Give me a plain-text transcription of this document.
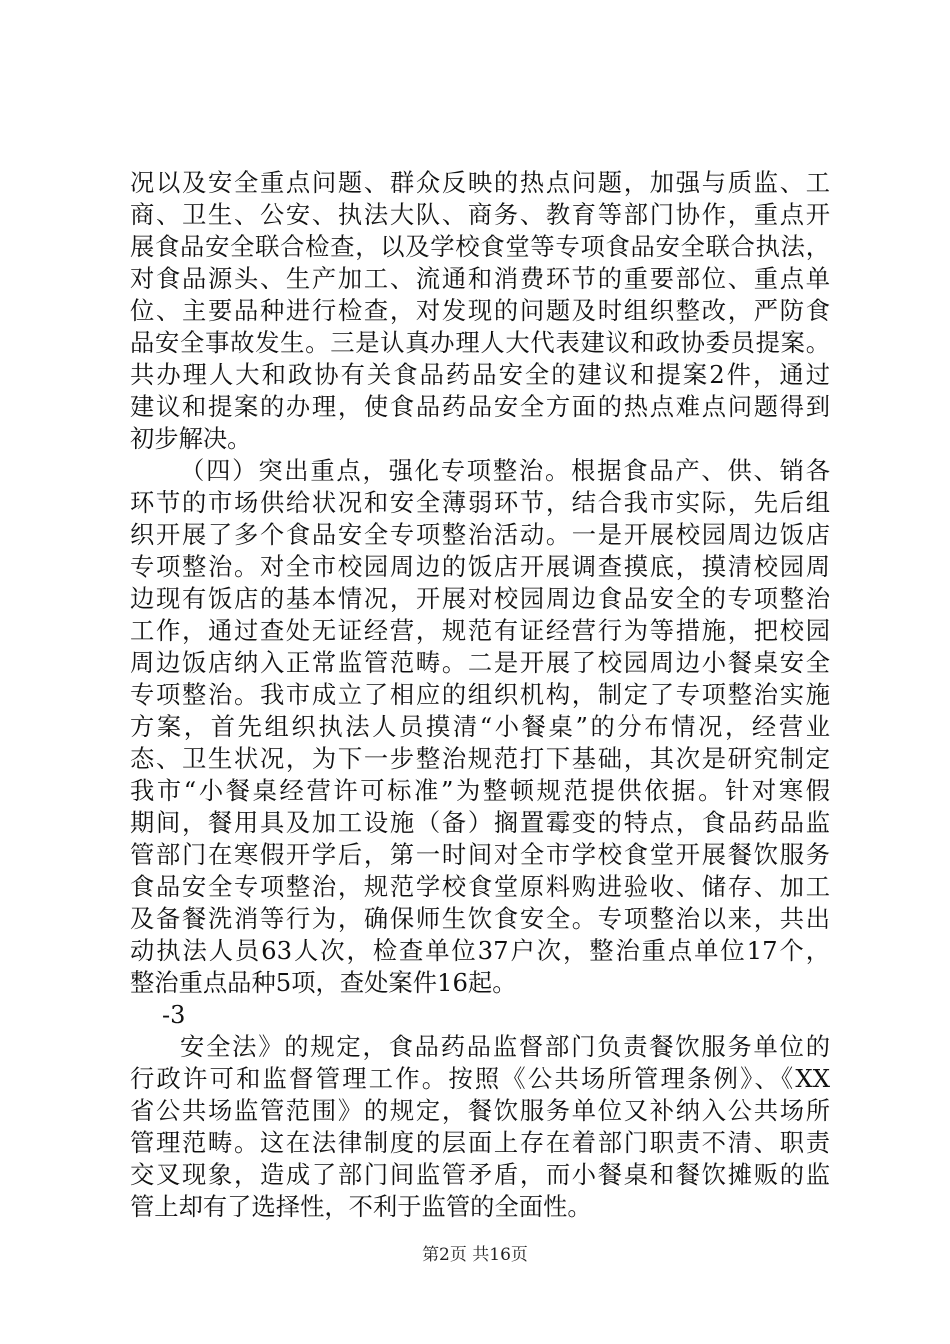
况以及安全重点问题、群众反映的热点问题，加强与质监、工
商、卫生、公安、执法大队、商务、教育等部门协作，重点开
展食品安全联合检查，以及学校食堂等专项食品安全联合执法，
对食品源头、生产加工、流通和消费环节的重要部位、重点单
位、主要品种进行检查，对发现的问题及时组织整改，严防食
品安全事故发生。三是认真办理人大代表建议和政协委员提案。
共办理人大和政协有关食品药品安全的建议和提案2件，通过
建议和提案的办理，使食品药品安全方面的热点难点问题得到
初步解决。
（四）突出重点，强化专项整治。根据食品产、供、销各
环节的市场供给状况和安全薄弱环节，结合我市实际，先后组
织开展了多个食品安全专项整治活动。一是开展校园周边饭店
专项整治。对全市校园周边的饭店开展调查摸底，摸清校园周
边现有饭店的基本情况，开展对校园周边食品安全的专项整治
工作，通过查处无证经营，规范有证经营行为等措施，把校园
周边饭店纳入正常监管范畴。二是开展了校园周边小餐桌安全
专项整治。我市成立了相应的组织机构，制定了专项整治实施
方案，首先组织执法人员摸清“小餐桌”的分布情况，经营业
态、卫生状况，为下一步整治规范打下基础，其次是研究制定
我市“小餐桌经营许可标准”为整顿规范提供依据。针对寒假
期间，餐用具及加工设施（备）搁置霉变的特点，食品药品监
管部门在寒假开学后，第一时间对全市学校食堂开展餐饮服务
食品安全专项整治，规范学校食堂原料购进验收、储存、加工
及备餐洗消等行为，确保师生饮食安全。专项整治以来，共出
动执法人员63人次，检查单位37户次，整治重点单位17个，
整治重点品种5项，查处案件16起。
-3
安全法》的规定，食品药品监督部门负责餐饮服务单位的
行政许可和监督管理工作。按照《公共场所管理条例》、《XX
省公共场监管范围》的规定，餐饮服务单位又补纳入公共场所
管理范畴。这在法律制度的层面上存在着部门职责不清、职责
交叉现象，造成了部门间监管矛盾，而小餐桌和餐饮摊贩的监
管上却有了选择性，不利于监管的全面性。
第2页 共16页
